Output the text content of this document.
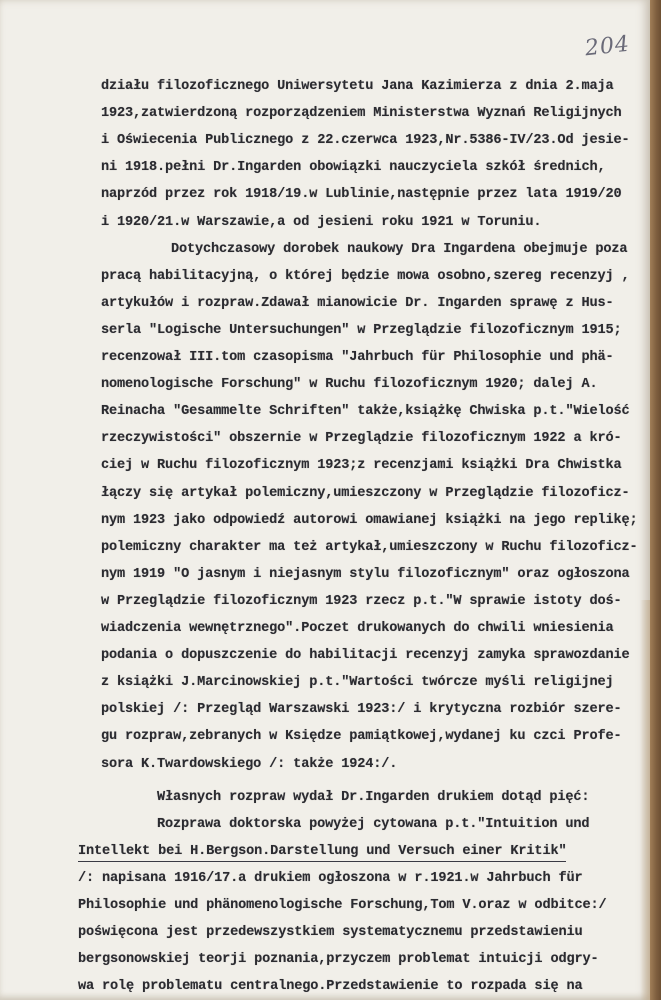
204
działu filozoficznego Uniwersytetu Jana Kazimierza z dnia 2.maja
1923,zatwierdzoną rozporządzeniem Ministerstwa Wyznań Religijnych
i Oświecenia Publicznego z 22.czerwca 1923,Nr.5386-IV/23.Od jesie-
ni 1918.pełni Dr.Ingarden obowiązki nauczyciela szkół średnich,
naprzód przez rok 1918/19.w Lublinie,następnie przez lata 1919/20
i 1920/21.w Warszawie,a od jesieni roku 1921 w Toruniu.
Dotychczasowy dorobek naukowy Dra Ingardena obejmuje poza
pracą habilitacyjną, o której będzie mowa osobno,szereg recenzyj ,
artykułów i rozpraw.Zdawał mianowicie Dr. Ingarden sprawę z Hus-
serla "Logische Untersuchungen" w Przeglądzie filozoficznym 1915;
recenzował III.tom czasopisma "Jahrbuch für Philosophie und phä-
nomenologische Forschung" w Ruchu filozoficznym 1920; dalej A.
Reinacha "Gesammelte Schriften" także,książkę Chwiska p.t."Wielość
rzeczywistości" obszernie w Przeglądzie filozoficznym 1922 a kró-
ciej w Ruchu filozoficznym 1923;z recenzjami książki Dra Chwistka
łączy się artykał polemiczny,umieszczony w Przeglądzie filozoficz-
nym 1923 jako odpowiedź autorowi omawianej książki na jego replikę;
polemiczny charakter ma też artykał,umieszczony w Ruchu filozoficz-
nym 1919 "O jasnym i niejasnym stylu filozoficznym" oraz ogłoszona
w Przeglądzie filozoficznym 1923 rzecz p.t."W sprawie istoty doś-
wiadczenia wewnętrznego".Poczet drukowanych do chwili wniesienia
podania o dopuszczenie do habilitacji recenzyj zamyka sprawozdanie
z książki J.Marcinowskiej p.t."Wartości twórcze myśli religijnej
polskiej /: Przegląd Warszawski 1923:/ i krytyczna rozbiór szere-
gu rozpraw,zebranych w Księdze pamiątkowej,wydanej ku czci Profe-
sora K.Twardowskiego /: także 1924:/.
Własnych rozpraw wydał Dr.Ingarden drukiem dotąd pięć:
Rozprawa doktorska powyżej cytowana p.t."Intuition und
Intellekt bei H.Bergson.Darstellung und Versuch einer Kritik"
/: napisana 1916/17.a drukiem ogłoszona w r.1921.w Jahrbuch für
Philosophie und phänomenologische Forschung,Tom V.oraz w odbitce:/
poświęcona jest przedewszystkiem systematycznemu przedstawieniu
bergsonowskiej teorji poznania,przyczem problemat intuicji odgry-
wa rolę problematu centralnego.Przedstawienie to rozpada się na
